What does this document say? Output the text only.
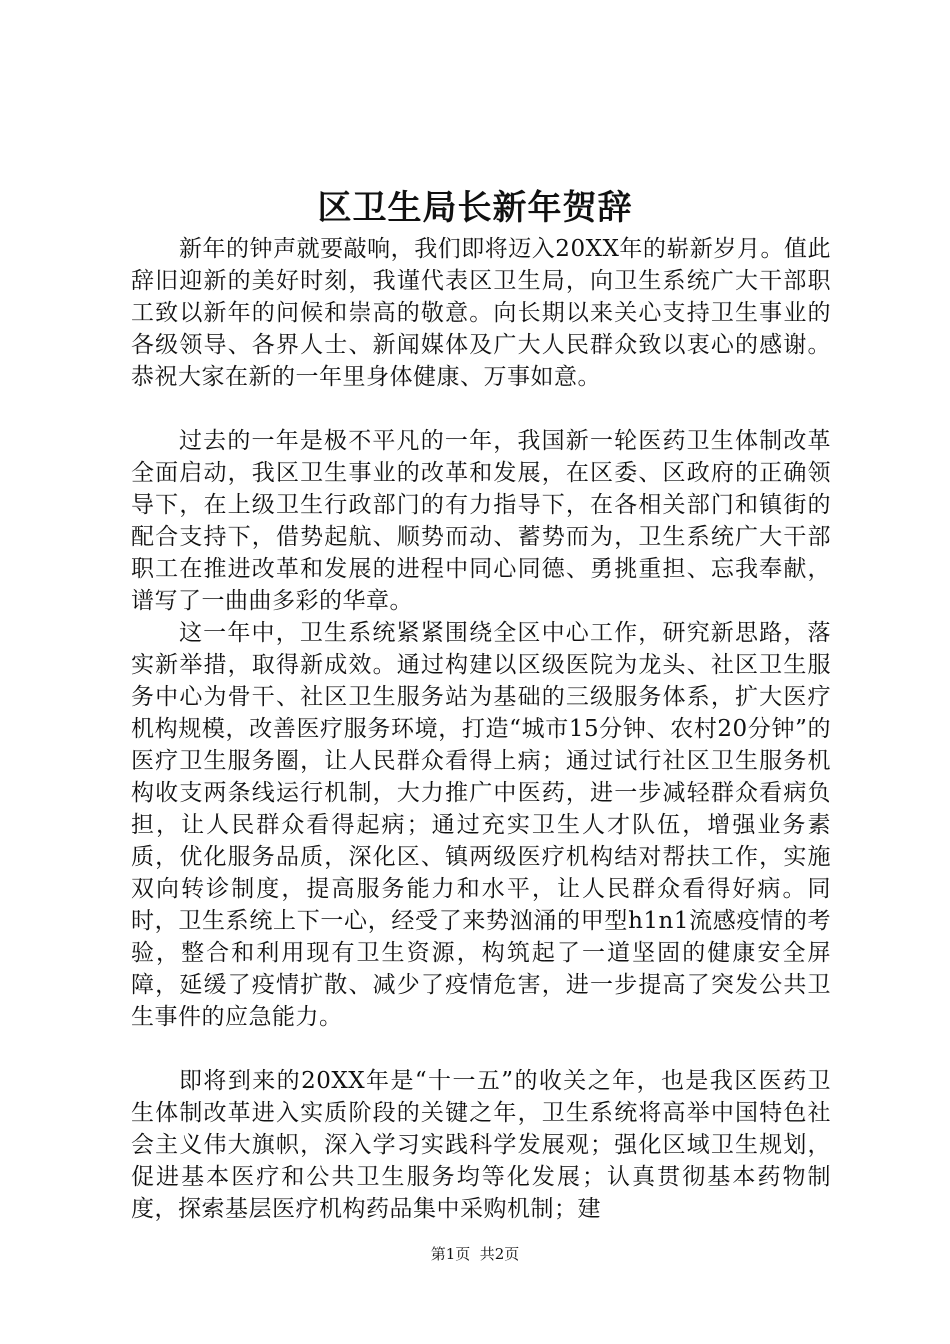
区卫生局长新年贺辞

新年的钟声就要敲响，我们即将迈入20XX年的崭新岁月。值此辞旧迎新的美好时刻，我谨代表区卫生局，向卫生系统广大干部职工致以新年的问候和崇高的敬意。向长期以来关心支持卫生事业的各级领导、各界人士、新闻媒体及广大人民群众致以衷心的感谢。恭祝大家在新的一年里身体健康、万事如意。

过去的一年是极不平凡的一年，我国新一轮医药卫生体制改革全面启动，我区卫生事业的改革和发展，在区委、区政府的正确领导下，在上级卫生行政部门的有力指导下，在各相关部门和镇街的配合支持下，借势起航、顺势而动、蓄势而为，卫生系统广大干部职工在推进改革和发展的进程中同心同德、勇挑重担、忘我奉献，谱写了一曲曲多彩的华章。

这一年中，卫生系统紧紧围绕全区中心工作，研究新思路，落实新举措，取得新成效。通过构建以区级医院为龙头、社区卫生服务中心为骨干、社区卫生服务站为基础的三级服务体系，扩大医疗机构规模，改善医疗服务环境，打造“城市15分钟、农村20分钟”的医疗卫生服务圈，让人民群众看得上病；通过试行社区卫生服务机构收支两条线运行机制，大力推广中医药，进一步减轻群众看病负担，让人民群众看得起病；通过充实卫生人才队伍，增强业务素质，优化服务品质，深化区、镇两级医疗机构结对帮扶工作，实施双向转诊制度，提高服务能力和水平，让人民群众看得好病。同时，卫生系统上下一心，经受了来势汹涌的甲型h1n1流感疫情的考验，整合和利用现有卫生资源，构筑起了一道坚固的健康安全屏障，延缓了疫情扩散、减少了疫情危害，进一步提高了突发公共卫生事件的应急能力。

即将到来的20XX年是“十一五”的收关之年，也是我区医药卫生体制改革进入实质阶段的关键之年，卫生系统将高举中国特色社会主义伟大旗帜，深入学习实践科学发展观；强化区域卫生规划，促进基本医疗和公共卫生服务均等化发展；认真贯彻基本药物制度，探索基层医疗机构药品集中采购机制；建

第1页  共2页
